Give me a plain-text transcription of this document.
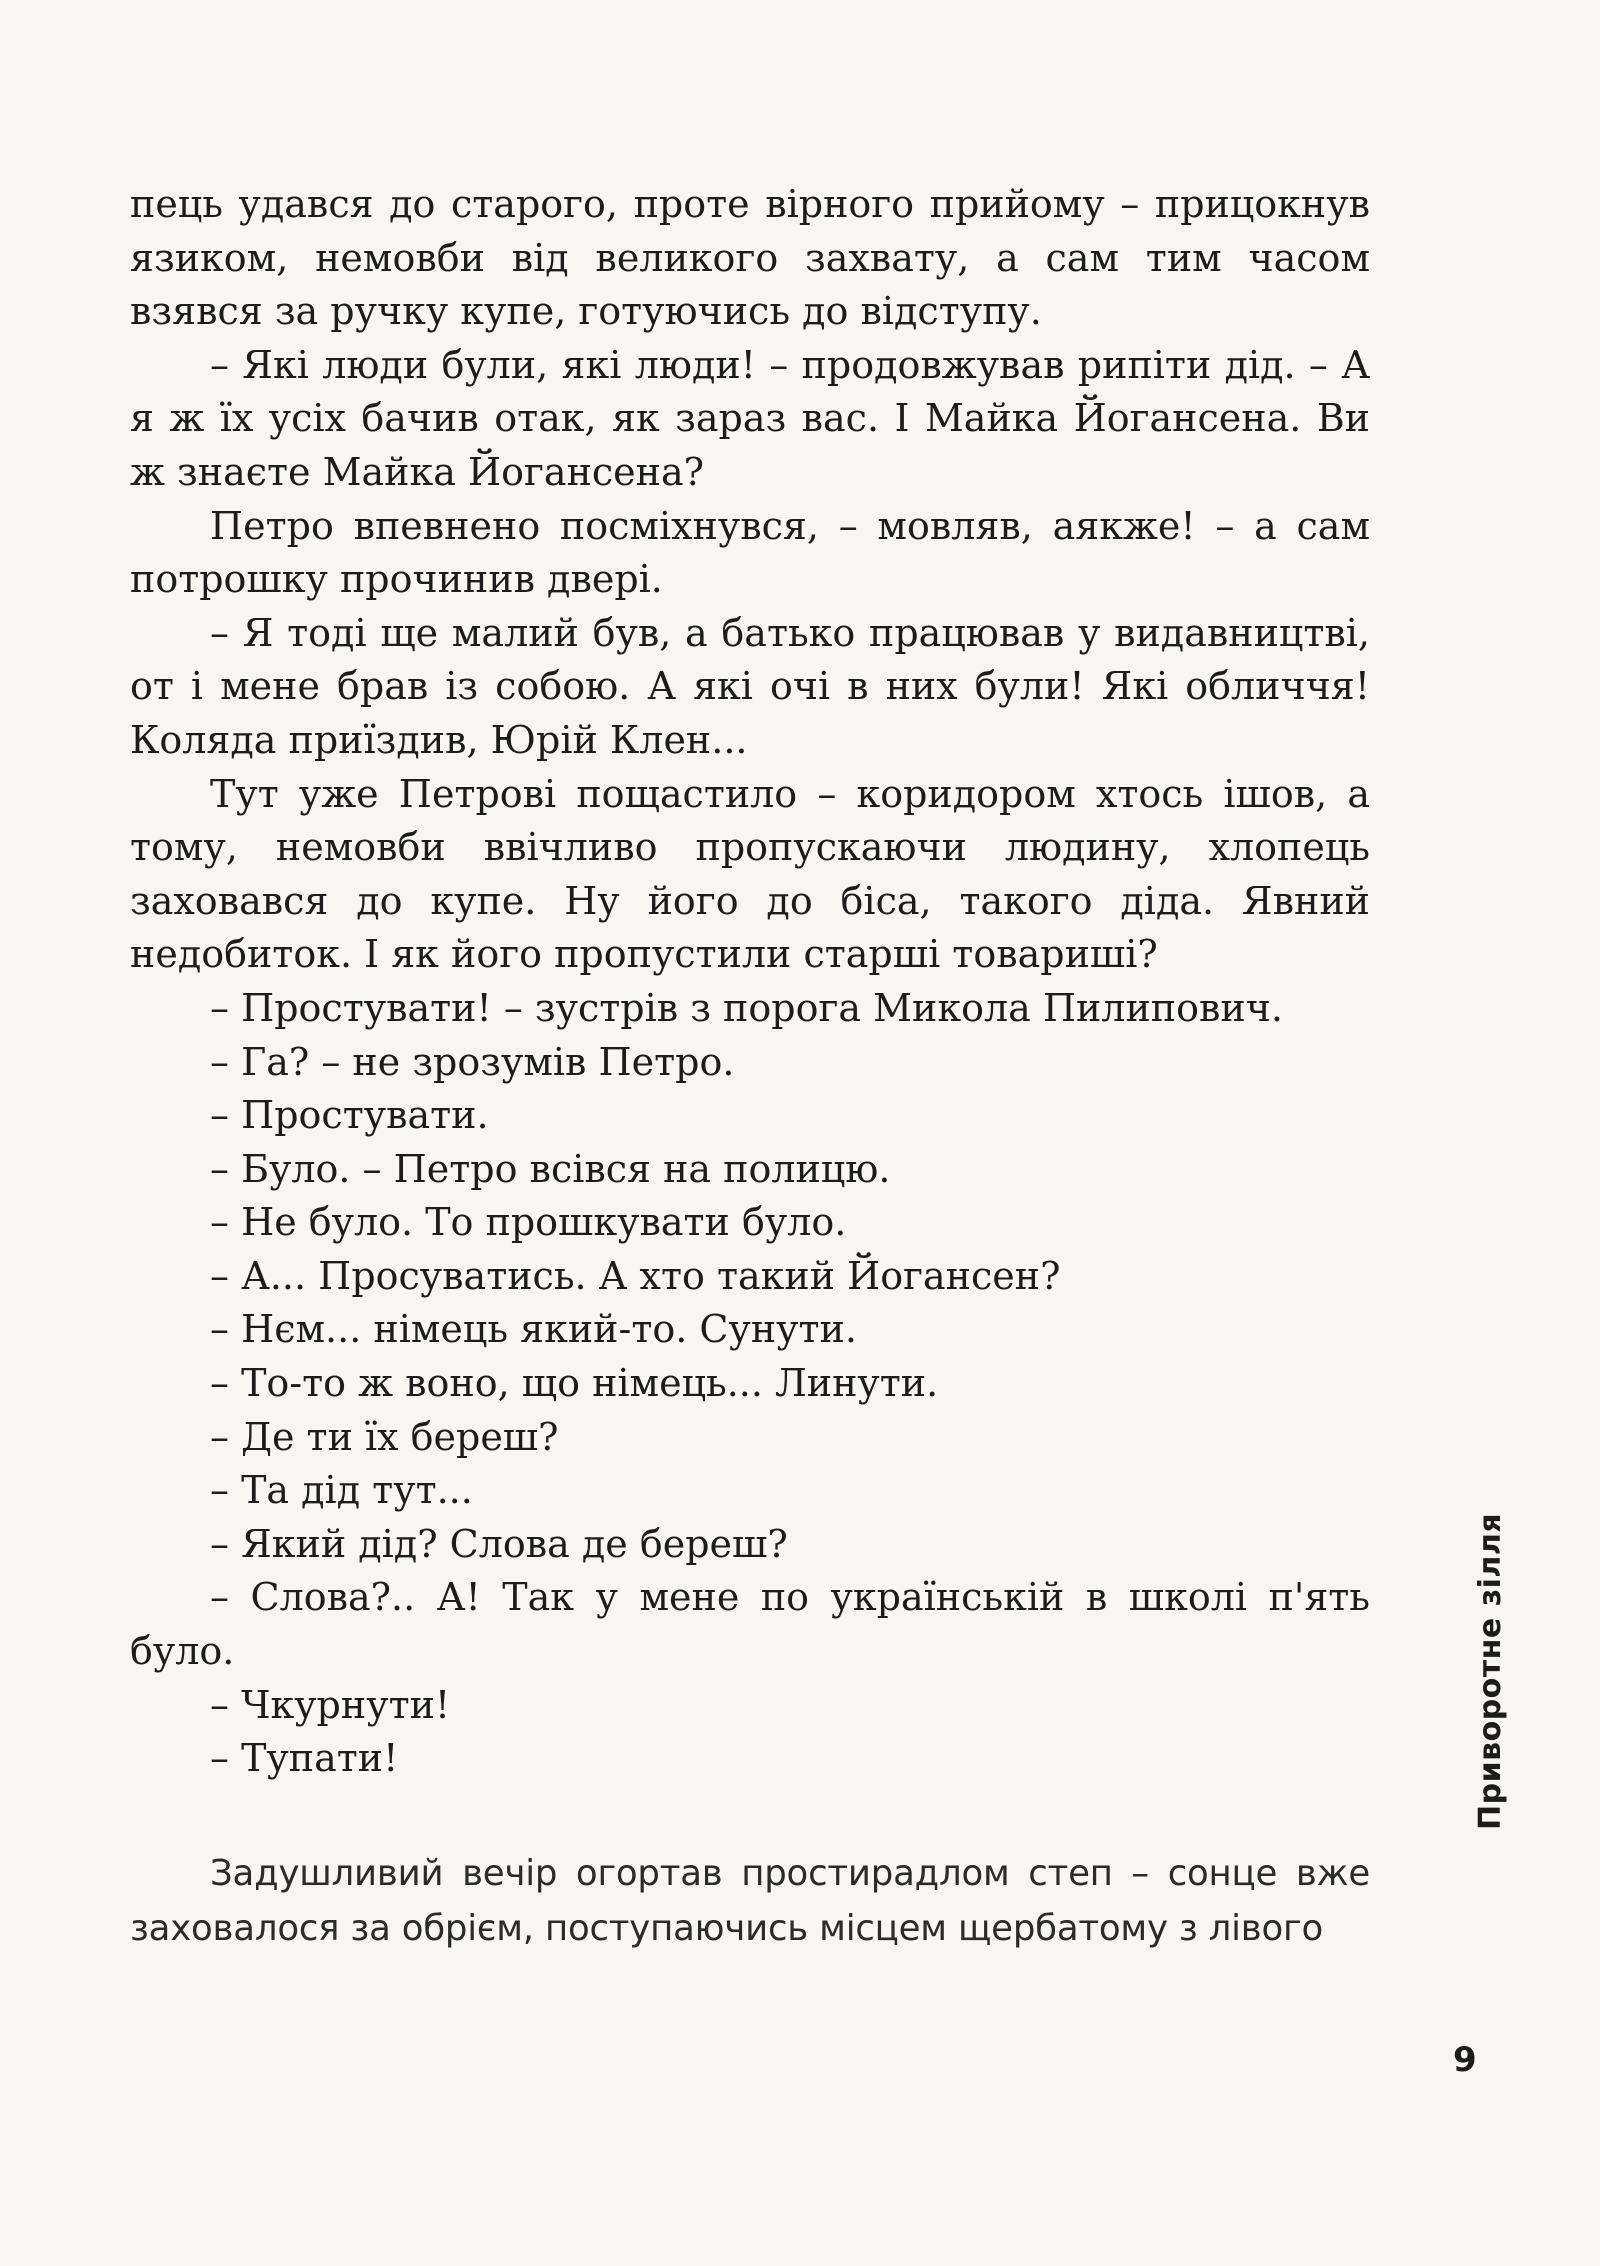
пець удався до старого, проте вірного прийому – прицокнув язиком, немовби від великого захвату, а сам тим часом взявся за ручку купе, готуючись до відступу.

– Які люди були, які люди! – продовжував рипіти дід. – А я ж їх усіх бачив отак, як зараз вас. І Майка Йогансена. Ви ж знаєте Майка Йогансена?

Петро впевнено посміхнувся, – мовляв, аякже! – а сам потрошку прочинив двері.

– Я тоді ще малий був, а батько працював у видавництві, от і мене брав із собою. А які очі в них були! Які обличчя! Коляда приїздив, Юрій Клен...

Тут уже Петрові пощастило – коридором хтось ішов, а тому, немовби ввічливо пропускаючи людину, хлопець заховався до купе. Ну його до біса, такого діда. Явний недобиток. І як його пропустили старші товариші?

– Простувати! – зустрів з порога Микола Пилипович.

– Га? – не зрозумів Петро.

– Простувати.

– Було. – Петро всівся на полицю.

– Не було. То прошкувати було.

– А... Просуватись. А хто такий Йогансен?

– Нєм... німець який-то. Сунути.

– То-то ж воно, що німець... Линути.

– Де ти їх береш?

– Та дід тут...

– Який дід? Слова де береш?

– Слова?.. А! Так у мене по українській в школі п'ять було.

– Чкурнути!

– Тупати!

Задушливий вечір огортав простирадлом степ – сонце вже заховалося за обрієм, поступаючись місцем щербатому з лівого

Приворотне зілля
9
